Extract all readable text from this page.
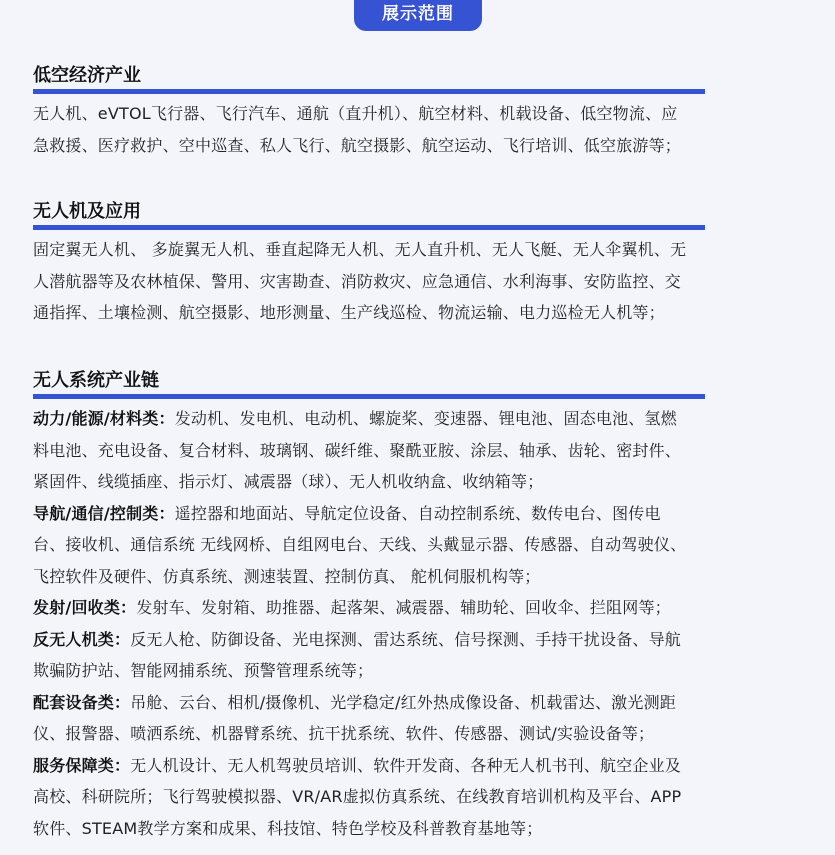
展示范围
低空经济产业
无人机、eVTOL飞行器、飞行汽车、通航（直升机）、航空材料、机载设备、低空物流、应
急救援、医疗救护、空中巡查、私人飞行、航空摄影、航空运动、飞行培训、低空旅游等；
无人机及应用
固定翼无人机、 多旋翼无人机、垂直起降无人机、无人直升机、无人飞艇、无人伞翼机、无
人潜航器等及农林植保、警用、灾害勘查、消防救灾、应急通信、水利海事、安防监控、交
通指挥、土壤检测、航空摄影、地形测量、生产线巡检、物流运输、电力巡检无人机等；
无人系统产业链
动力/能源/材料类：发动机、发电机、电动机、螺旋桨、变速器、锂电池、固态电池、氢燃
料电池、充电设备、复合材料、玻璃钢、碳纤维、聚酰亚胺、涂层、轴承、齿轮、密封件、
紧固件、线缆插座、指示灯、减震器（球）、无人机收纳盒、收纳箱等；
导航/通信/控制类：遥控器和地面站、导航定位设备、自动控制系统、数传电台、图传电
台、接收机、通信系统 无线网桥、自组网电台、天线、头戴显示器、传感器、自动驾驶仪、
飞控软件及硬件、仿真系统、测速装置、控制仿真、 舵机伺服机构等；
发射/回收类：发射车、发射箱、助推器、起落架、减震器、辅助轮、回收伞、拦阻网等；
反无人机类：反无人枪、防御设备、光电探测、雷达系统、信号探测、手持干扰设备、导航
欺骗防护站、智能网捕系统、预警管理系统等；
配套设备类：吊舱、云台、相机/摄像机、光学稳定/红外热成像设备、机载雷达、激光测距
仪、报警器、喷洒系统、机器臂系统、抗干扰系统、软件、传感器、测试/实验设备等；
服务保障类：无人机设计、无人机驾驶员培训、软件开发商、各种无人机书刊、航空企业及
高校、科研院所；飞行驾驶模拟器、VR/AR虚拟仿真系统、在线教育培训机构及平台、APP
软件、STEAM教学方案和成果、科技馆、特色学校及科普教育基地等；
